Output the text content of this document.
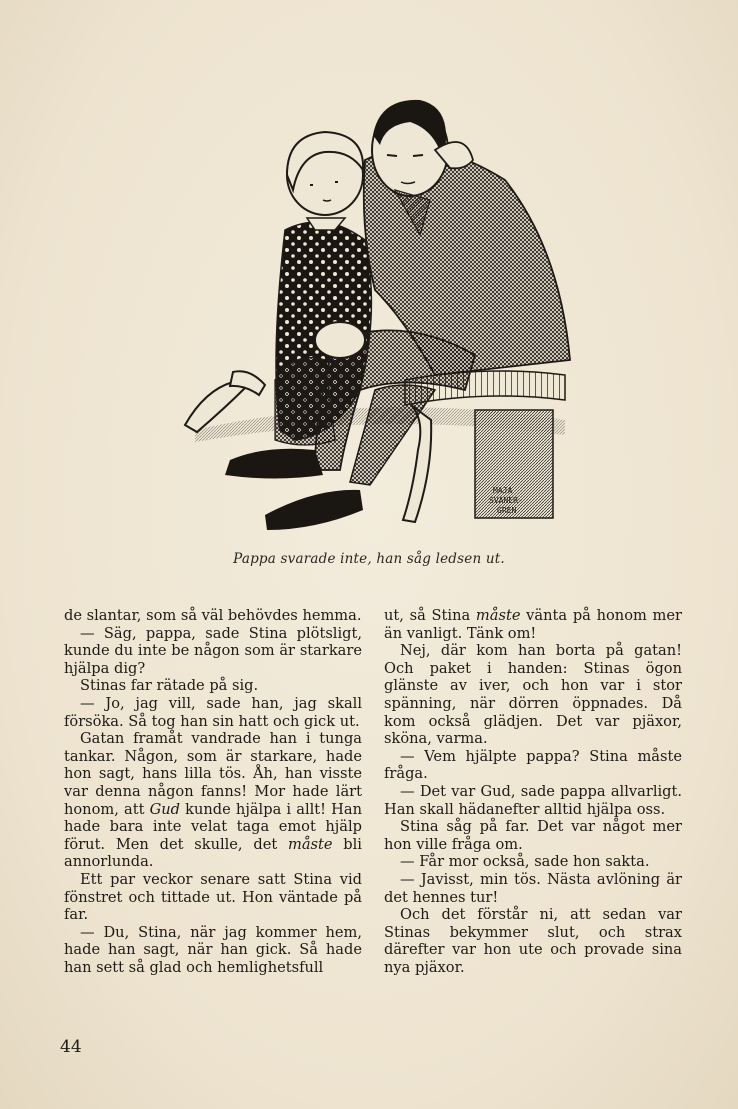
MAJA
SVANER-
GREN
Pappa svarade inte, han såg ledsen ut.

de slantar, som så väl behövdes hemma.

— Säg, pappa, sade Stina plötsligt, kunde du inte be någon som är starkare hjälpa dig?

Stinas far rätade på sig.

— Jo, jag vill, sade han, jag skall försöka. Så tog han sin hatt och gick ut.

Gatan framåt vandrade han i tunga tankar. Någon, som är starkare, hade hon sagt, hans lilla tös. Åh, han visste var denna någon fanns! Mor hade lärt honom, att Gud kunde hjälpa i allt! Han hade bara inte velat taga emot hjälp förut. Men det skulle, det måste bli annorlunda.

Ett par veckor senare satt Stina vid fönstret och tittade ut. Hon väntade på far.

— Du, Stina, när jag kommer hem, hade han sagt, när han gick. Så hade han sett så glad och hemlighetsfull

ut, så Stina måste vänta på honom mer än vanligt. Tänk om!

Nej, där kom han borta på gatan! Och paket i handen: Stinas ögon glänste av iver, och hon var i stor spänning, när dörren öppnades. Då kom också glädjen. Det var pjäxor, sköna, varma.

— Vem hjälpte pappa? Stina måste fråga.

— Det var Gud, sade pappa allvarligt. Han skall hädanefter alltid hjälpa oss.

Stina såg på far. Det var något mer hon ville fråga om.

— Får mor också, sade hon sakta.

— Javisst, min tös. Nästa avlöning är det hennes tur!

Och det förstår ni, att sedan var Stinas bekymmer slut, och strax därefter var hon ute och provade sina nya pjäxor.

44
